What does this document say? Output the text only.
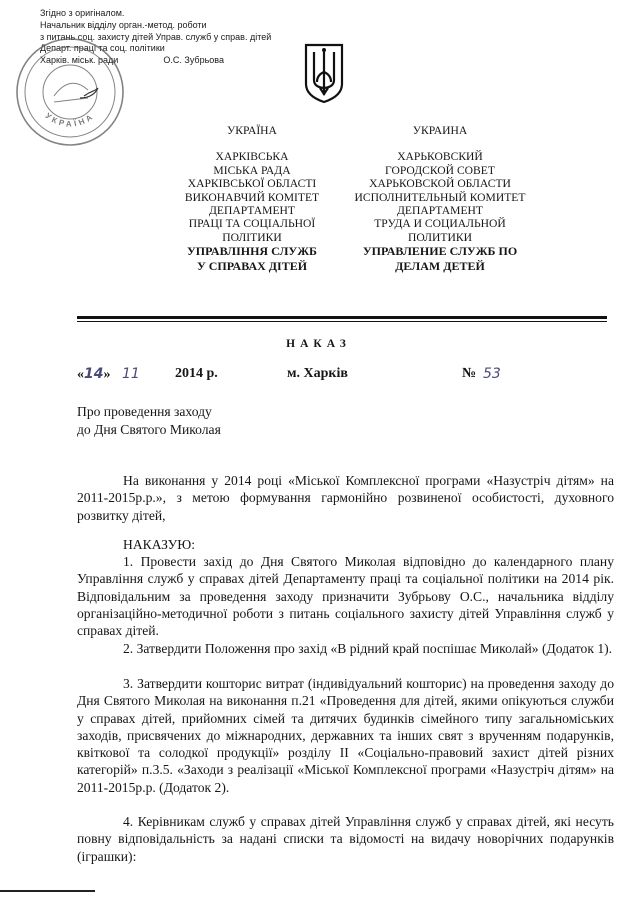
Згідно з оригіналом.
Начальник відділу орган.-метод. роботи
з питань соц. захисту дітей Управ. служб у справ. дітей
Департ. праці та соц. політики
Харків. міськ. ради	О.С. Зубрьова
УКРАЇНА
УКРАЇНА
ХАРКІВСЬКА
МІСЬКА РАДА
ХАРКІВСЬКОЇ ОБЛАСТІ
ВИКОНАВЧИЙ КОМІТЕТ
ДЕПАРТАМЕНТ
ПРАЦІ ТА СОЦІАЛЬНОЇ
ПОЛІТИКИ
УПРАВЛІННЯ СЛУЖБ
У СПРАВАХ ДІТЕЙ
УКРАИНА
ХАРЬКОВСКИЙ
ГОРОДСКОЙ СОВЕТ
ХАРЬКОВСКОЙ ОБЛАСТИ
ИСПОЛНИТЕЛЬНЫЙ КОМИТЕТ
ДЕПАРТАМЕНТ
ТРУДА И СОЦИАЛЬНОЙ
ПОЛИТИКИ
УПРАВЛЕНИЕ СЛУЖБ ПО
ДЕЛАМ ДЕТЕЙ
НАКАЗ
«14» 11	2014 р.	м. Харків	№ 53
Про проведення заходу
до Дня Святого Миколая
На виконання у 2014 році «Міської Комплексної програми «Назустріч дітям» на 2011-2015р.р.», з метою формування гармонійно розвиненої особистості, духовного розвитку дітей,
НАКАЗУЮ:
1. Провести захід до Дня Святого Миколая відповідно до календарного плану Управління служб у справах дітей Департаменту праці та соціальної політики на 2014 рік. Відповідальним за проведення заходу призначити Зубрьову О.С., начальника відділу організаційно-методичної роботи з питань соціального захисту дітей Управління служб у справах дітей.
2. Затвердити Положення про захід «В рідний край поспішає Миколай» (Додаток 1).
3. Затвердити кошторис витрат (індивідуальний кошторис) на проведення заходу до Дня Святого Миколая на виконання п.21 «Проведення для дітей, якими опікуються служби у справах дітей, прийомних сімей та дитячих будинків сімейного типу загальноміських заходів, присвячених до міжнародних, державних та інших свят з врученням подарунків, квіткової та солодкої продукції» розділу ІІ «Соціально-правовий захист дітей різних категорій» п.3.5. «Заходи з реалізації «Міської Комплексної програми «Назустріч дітям» на 2011-2015р.р. (Додаток 2).
4. Керівникам служб у справах дітей Управління служб у справах дітей, які несуть повну відповідальність за надані списки та відомості на видачу новорічних подарунків (іграшки):
